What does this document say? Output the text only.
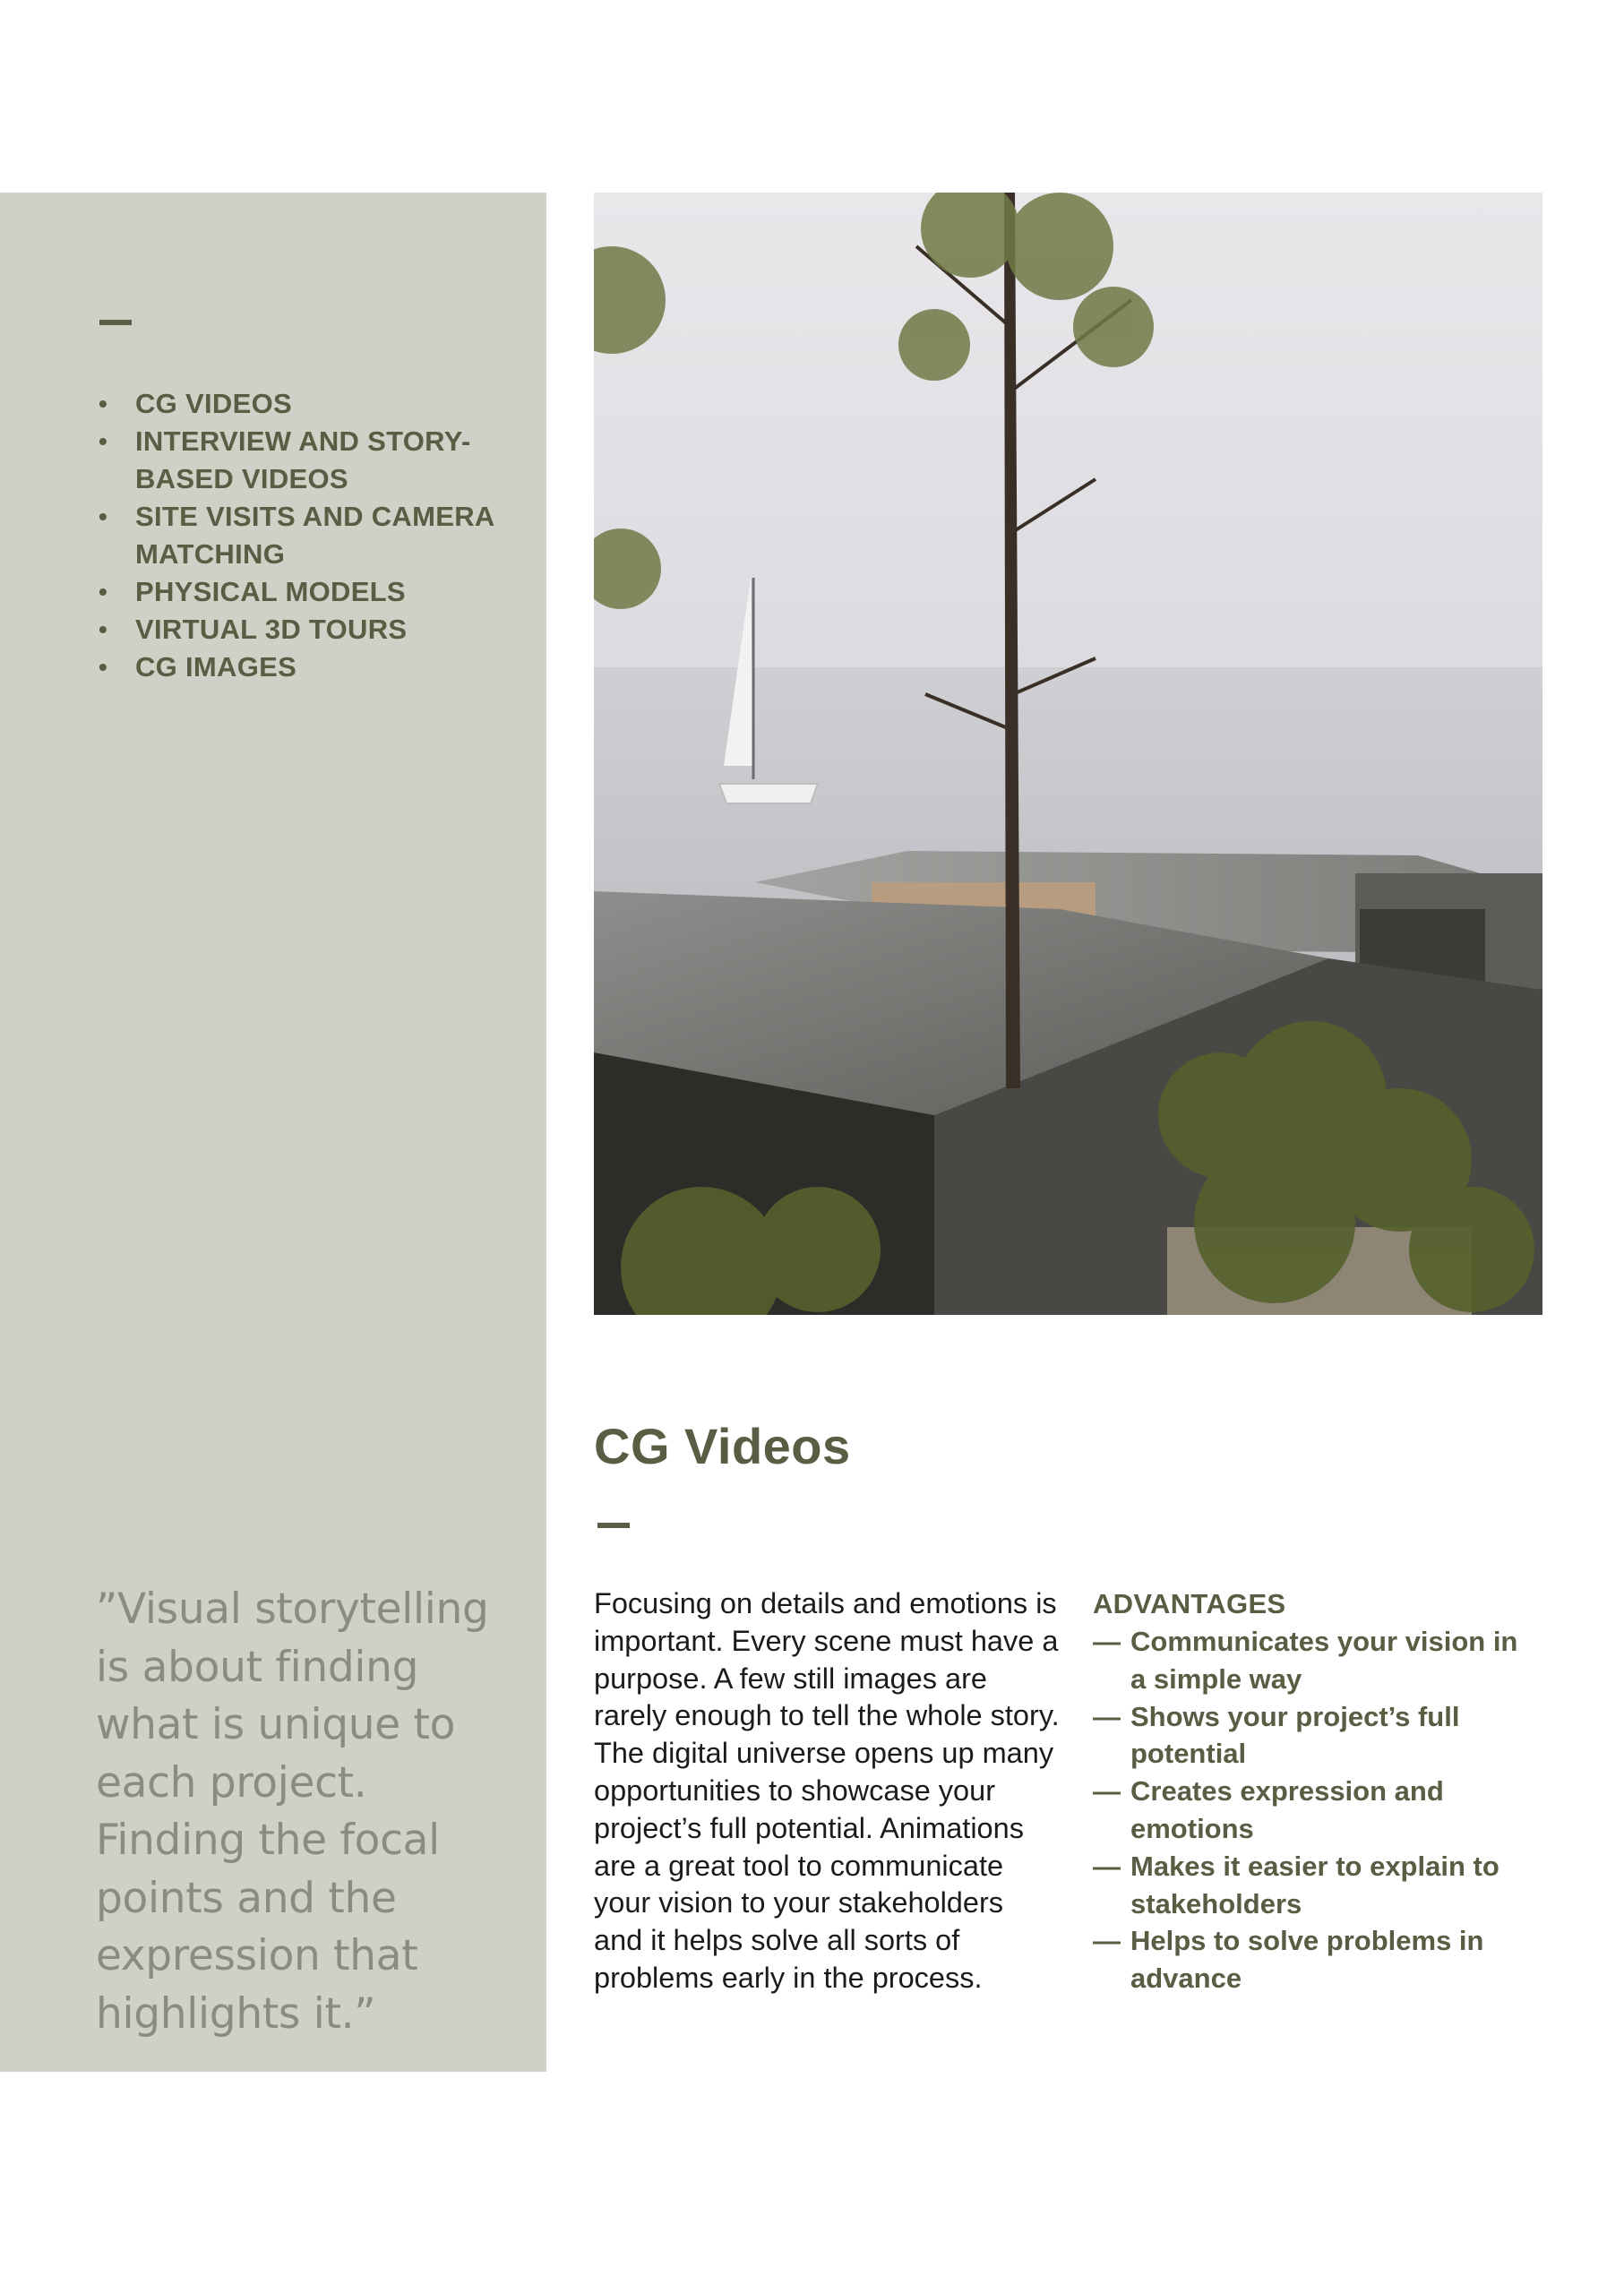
• CG VIDEOS
• INTERVIEW AND STORY-BASED VIDEOS
• SITE VISITS AND CAMERA MATCHING
• PHYSICAL MODELS
• VIRTUAL 3D TOURS
• CG IMAGES
”Visual storytelling is about finding what is unique to each project. Finding the focal points and the expression that highlights it.”
CG Videos

Focusing on details and emotions is important. Every scene must have a purpose. A few still images are rarely enough to tell the whole story. The digital universe opens up many opportunities to showcase your project’s full potential. Animations are a great tool to communicate your vision to your stakeholders and it helps solve all sorts of problems early in the process.

ADVANTAGES
— Communicates your vision in a simple way
— Shows your project’s full potential
— Creates expression and emotions
— Makes it easier to explain to stakeholders
— Helps to solve problems in advance
